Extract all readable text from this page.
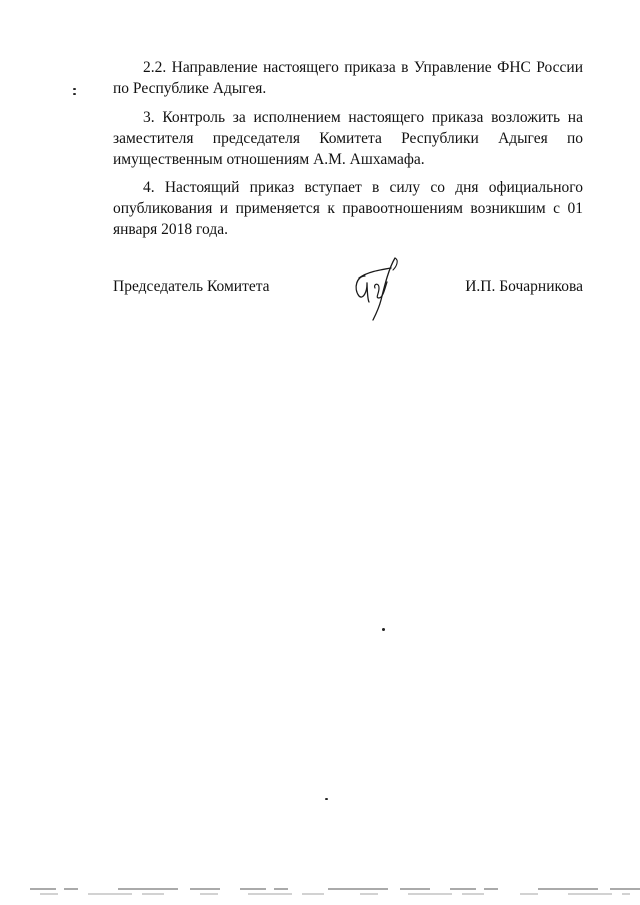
2.2. Направление настоящего приказа в Управление ФНС России по Республике Адыгея.

3. Контроль за исполнением настоящего приказа возложить на заместителя председателя Комитета Республики Адыгея по имущественным отношениям А.М. Ашхамафа.

4. Настоящий приказ вступает в силу со дня официального опубликования и применяется к правоотношениям возникшим с 01 января 2018 года.

Председатель Комитета	И.П. Бочарникова
